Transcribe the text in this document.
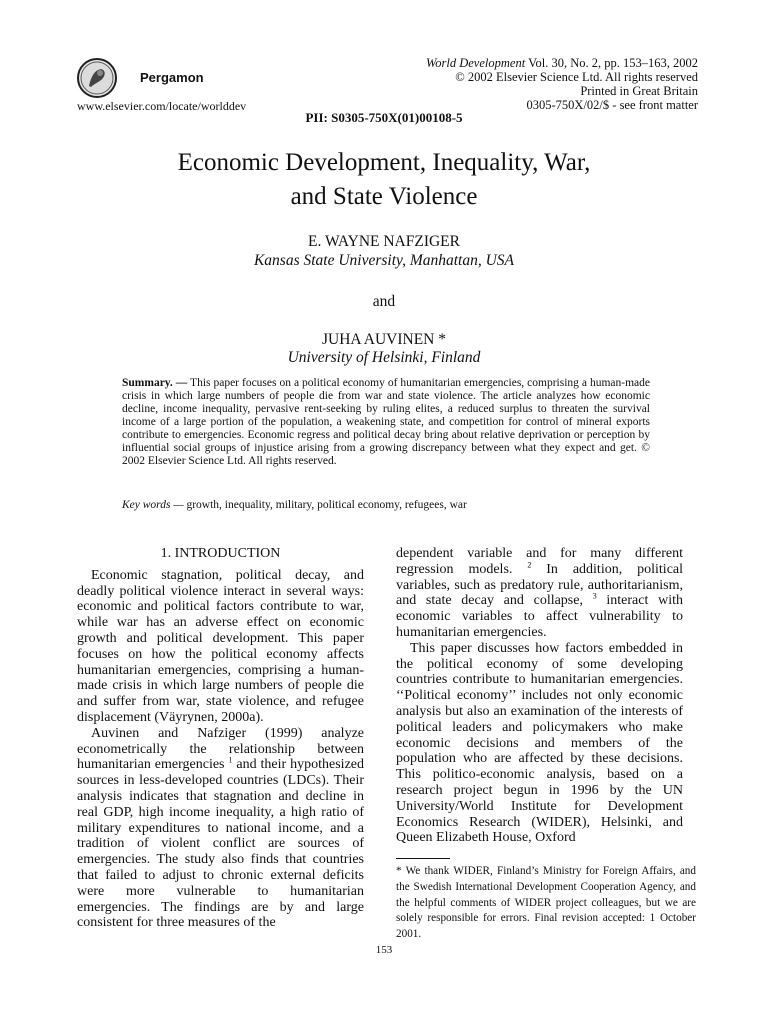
Pergamon
www.elsevier.com/locate/worlddev
World Development Vol. 30, No. 2, pp. 153–163, 2002
© 2002 Elsevier Science Ltd. All rights reserved
Printed in Great Britain
0305-750X/02/$ - see front matter
PII: S0305-750X(01)00108-5
Economic Development, Inequality, War,
and State Violence
E. WAYNE NAFZIGER
Kansas State University, Manhattan, USA
and
JUHA AUVINEN *
University of Helsinki, Finland
Summary. — This paper focuses on a political economy of humanitarian emergencies, comprising a human-made crisis in which large numbers of people die from war and state violence. The article analyzes how economic decline, income inequality, pervasive rent-seeking by ruling elites, a reduced surplus to threaten the survival income of a large portion of the population, a weakening state, and competition for control of mineral exports contribute to emergencies. Economic regress and political decay bring about relative deprivation or perception by influential social groups of injustice arising from a growing discrepancy between what they expect and get. © 2002 Elsevier Science Ltd. All rights reserved.
Key words — growth, inequality, military, political economy, refugees, war
1. INTRODUCTION

Economic stagnation, political decay, and deadly political violence interact in several ways: economic and political factors contribute to war, while war has an adverse effect on economic growth and political development. This paper focuses on how the political economy affects humanitarian emergencies, comprising a human-made crisis in which large numbers of people die and suffer from war, state violence, and refugee displacement (Väyrynen, 2000a).

Auvinen and Nafziger (1999) analyze econometrically the relationship between humanitarian emergencies $^1$ and their hypothesized sources in less-developed countries (LDCs). Their analysis indicates that stagnation and decline in real GDP, high income inequality, a high ratio of military expenditures to national income, and a tradition of violent conflict are sources of emergencies. The study also finds that countries that failed to adjust to chronic external deficits were more vulnerable to humanitarian emergencies. The findings are by and large consistent for three measures of the

dependent variable and for many different regression models. $^2$ In addition, political variables, such as predatory rule, authoritarianism, and state decay and collapse, $^3$ interact with economic variables to affect vulnerability to humanitarian emergencies.

This paper discusses how factors embedded in the political economy of some developing countries contribute to humanitarian emergencies. ‘‘Political economy’’ includes not only economic analysis but also an examination of the interests of political leaders and policymakers who make economic decisions and members of the population who are affected by these decisions. This politico-economic analysis, based on a research project begun in 1996 by the UN University/World Institute for Development Economics Research (WIDER), Helsinki, and Queen Elizabeth House, Oxford

* We thank WIDER, Finland’s Ministry for Foreign Affairs, and the Swedish International Development Cooperation Agency, and the helpful comments of WIDER project colleagues, but we are solely responsible for errors. Final revision accepted: 1 October 2001.
153
